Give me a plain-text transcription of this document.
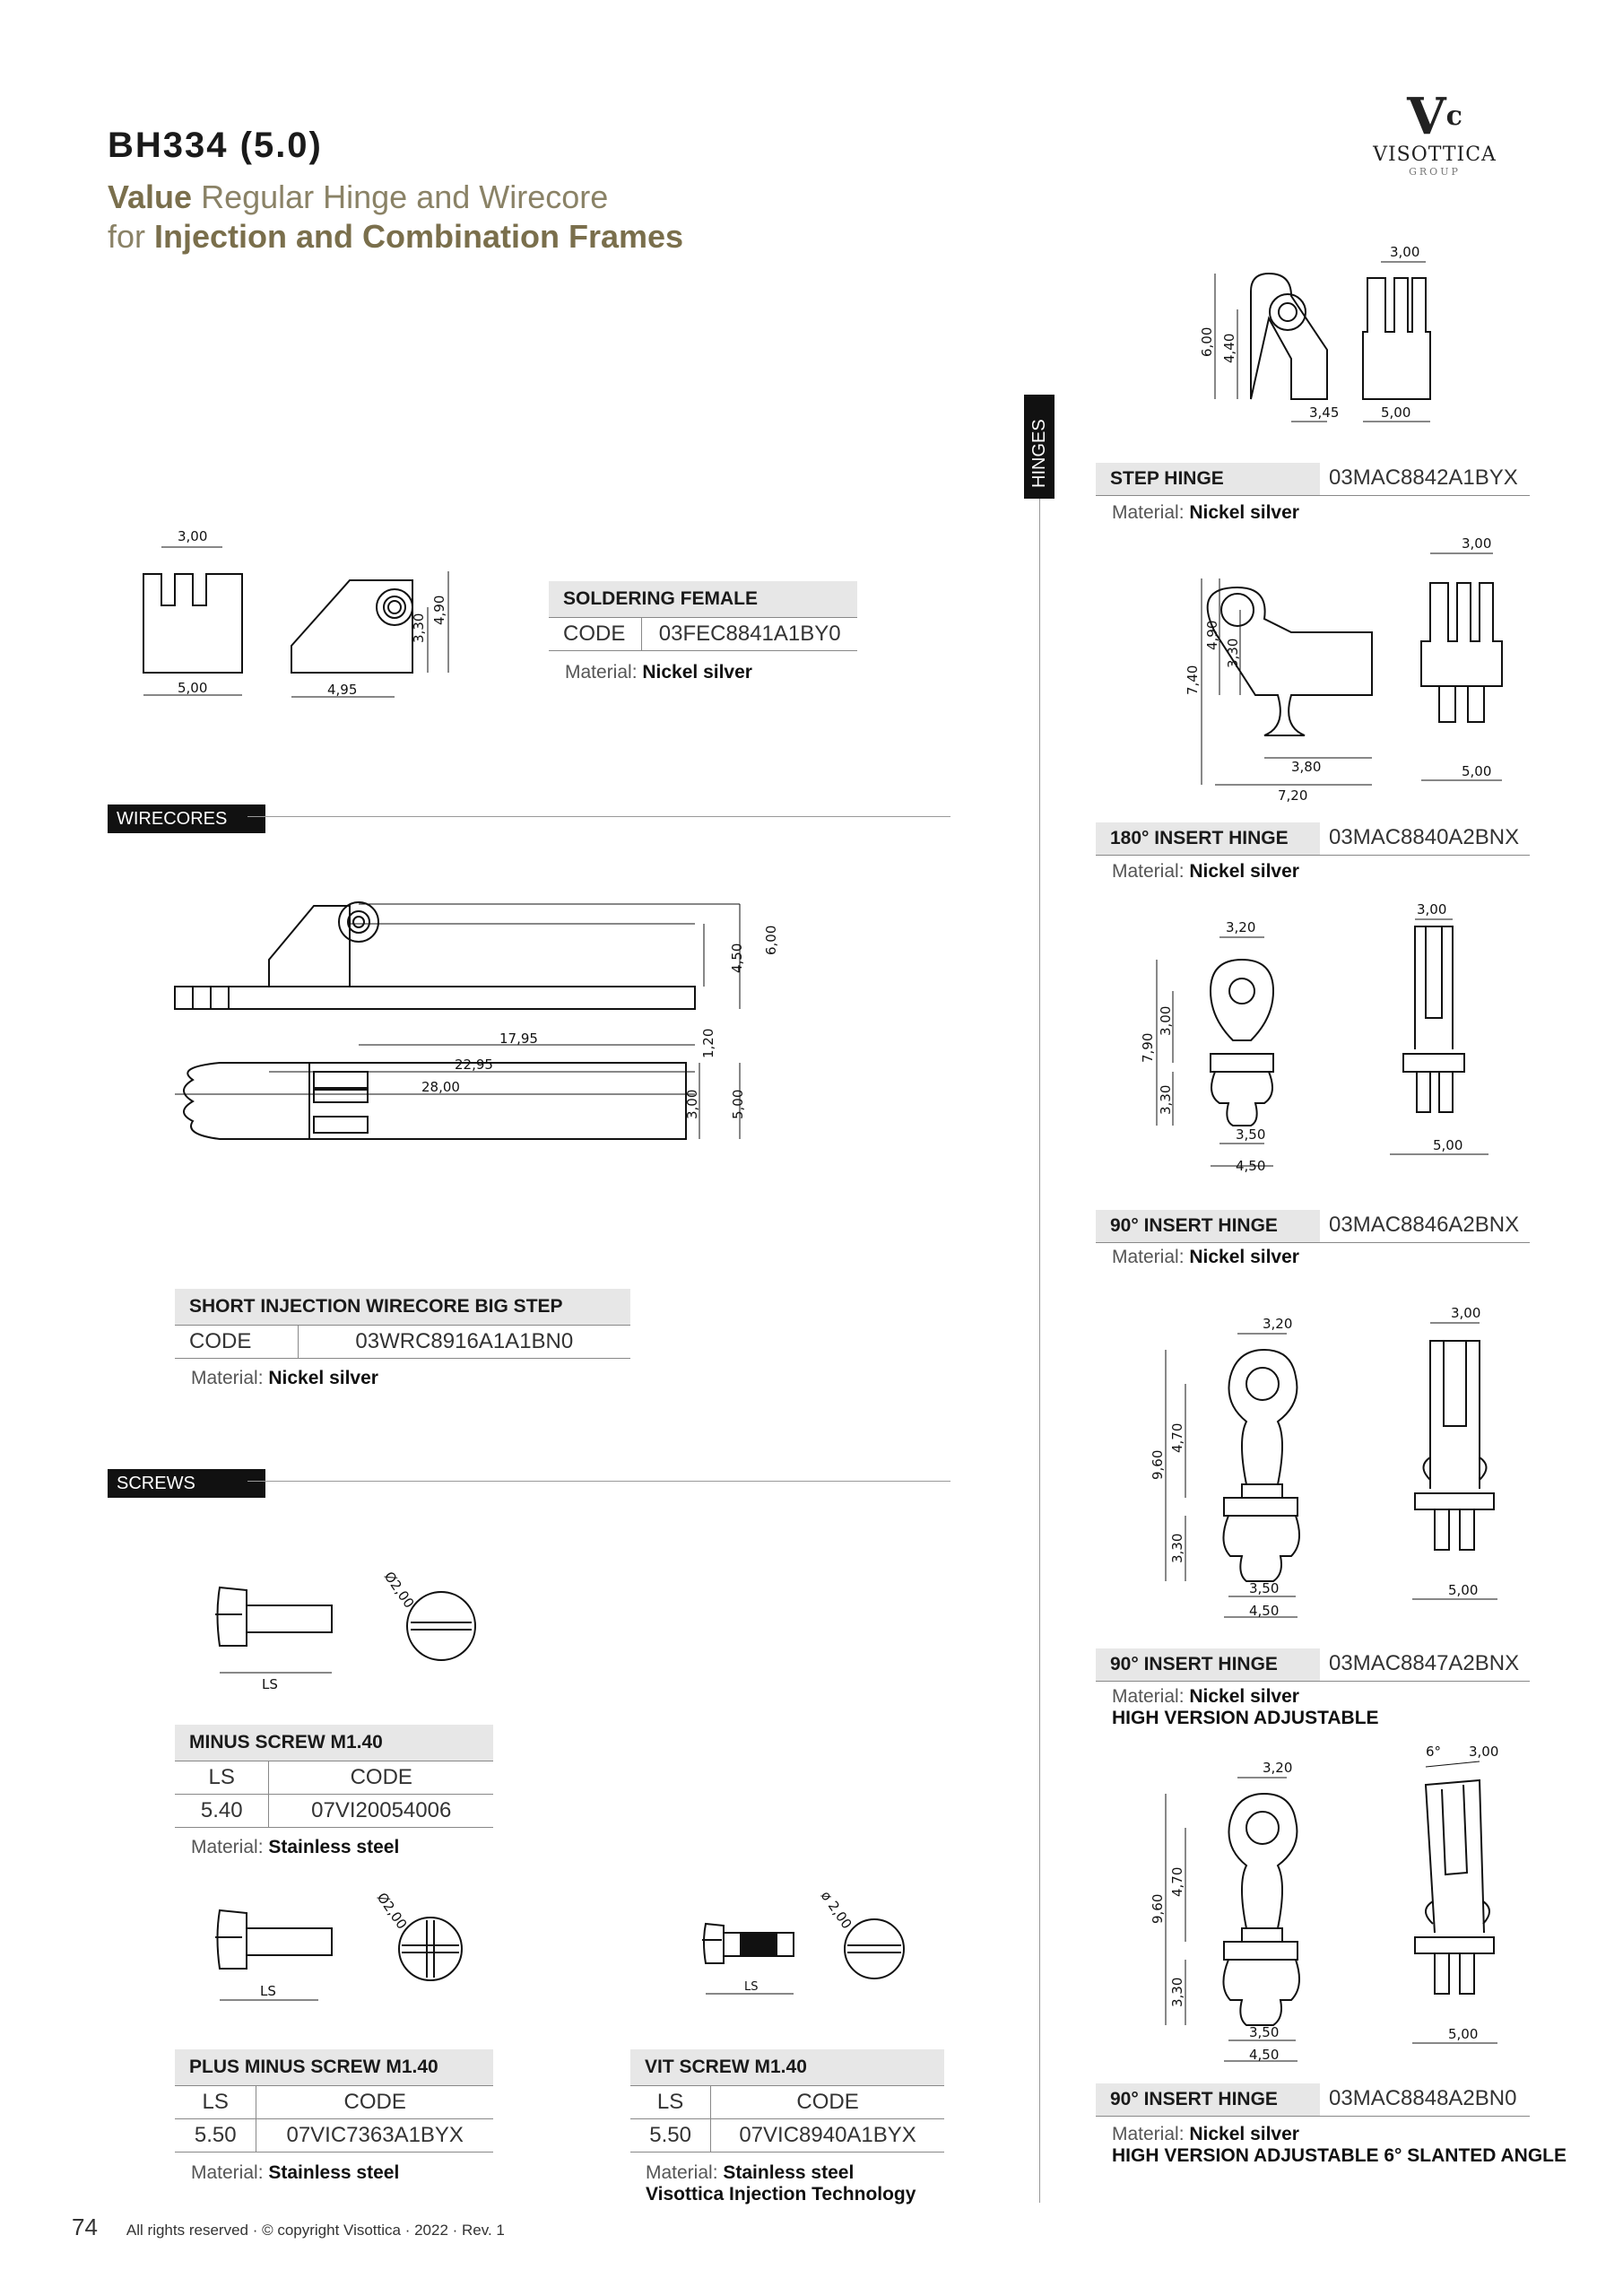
BH334 (5.0)
Value Regular Hinge and Wirecore
for Injection and Combination Frames
$V^c$
VISOTTICA
GROUP
HINGES
3,00
5,00	4,95
3,30
4,90	SOLDERING FEMALE
CODE	03FEC8841A1BY0
Material: Nickel silver
WIRECORES
17,95
22,95
28,00
4,50
6,00
1,20
3,00 5,00
SHORT INJECTION WIRECORE BIG STEP
CODE	03WRC8916A1A1BN0
Material: Nickel silver
SCREWS
LS
Ø2,00
MINUS SCREW M1.40	
LS	CODE
5.40	07VI20054006
Material: Stainless steel
LS
Ø2,00
PLUS MINUS SCREW M1.40	
LS	CODE
5.50	07VIC7363A1BYX
Material: Stainless steel
LS
ø 2,00
VIT SCREW M1.40	
LS	CODE
5.50	07VIC8940A1BYX
Material: Stainless steel
Visottica Injection Technology
3,00
6,00 4,40
3,45	5,00
STEP HINGE	03MAC8842A1BYX
Material: Nickel silver
3,00
7,40
4,90
3,30
3,80
7,20
5,00
180° INSERT HINGE 03MAC8840A2BNX
Material: Nickel silver
3,20
3,00
7,90
3,00
3,30
3,50
4,50
5,00
90° INSERT HINGE 03MAC8846A2BNX
Material: Nickel silver
3,20
3,00
9,60
4,70
3,30
3,50
4,50
5,00
90° INSERT HINGE 03MAC8847A2BNX
Material: Nickel silver
HIGH VERSION ADJUSTABLE
3,20
6° 3,00
9,60
4,70
3,30
3,50
4,50
5,00
90° INSERT HINGE 03MAC8848A2BN0
Material: Nickel silver
HIGH VERSION ADJUSTABLE 6° SLANTED ANGLE
74 All rights reserved · © copyright Visottica · 2022 · Rev. 1
